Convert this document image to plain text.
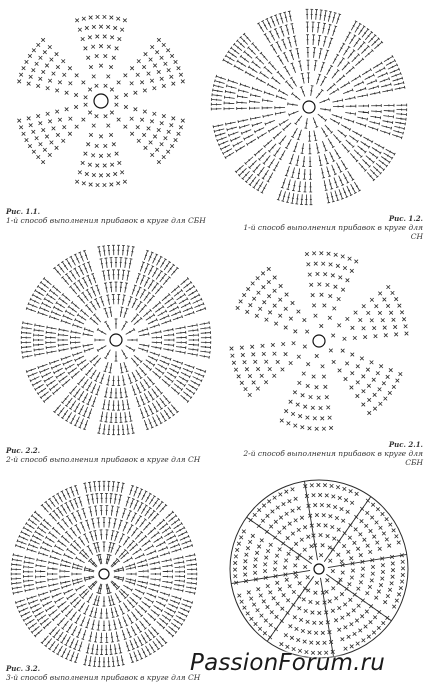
Рис. 1.1.
1-й способ выполнения прибавок в круге для СБН	Рис. 1.2.
1-й способ выполнения прибавок в круге для СН
Рис. 2.2.
2-й способ выполнения прибавок в круге для СН
Рис. 2.1.
2-й способ выполнения прибавок в круге для СБН
Рис. 3.2.
3-й способ выполнения прибавок в круге для СН
PassionForum.ru
